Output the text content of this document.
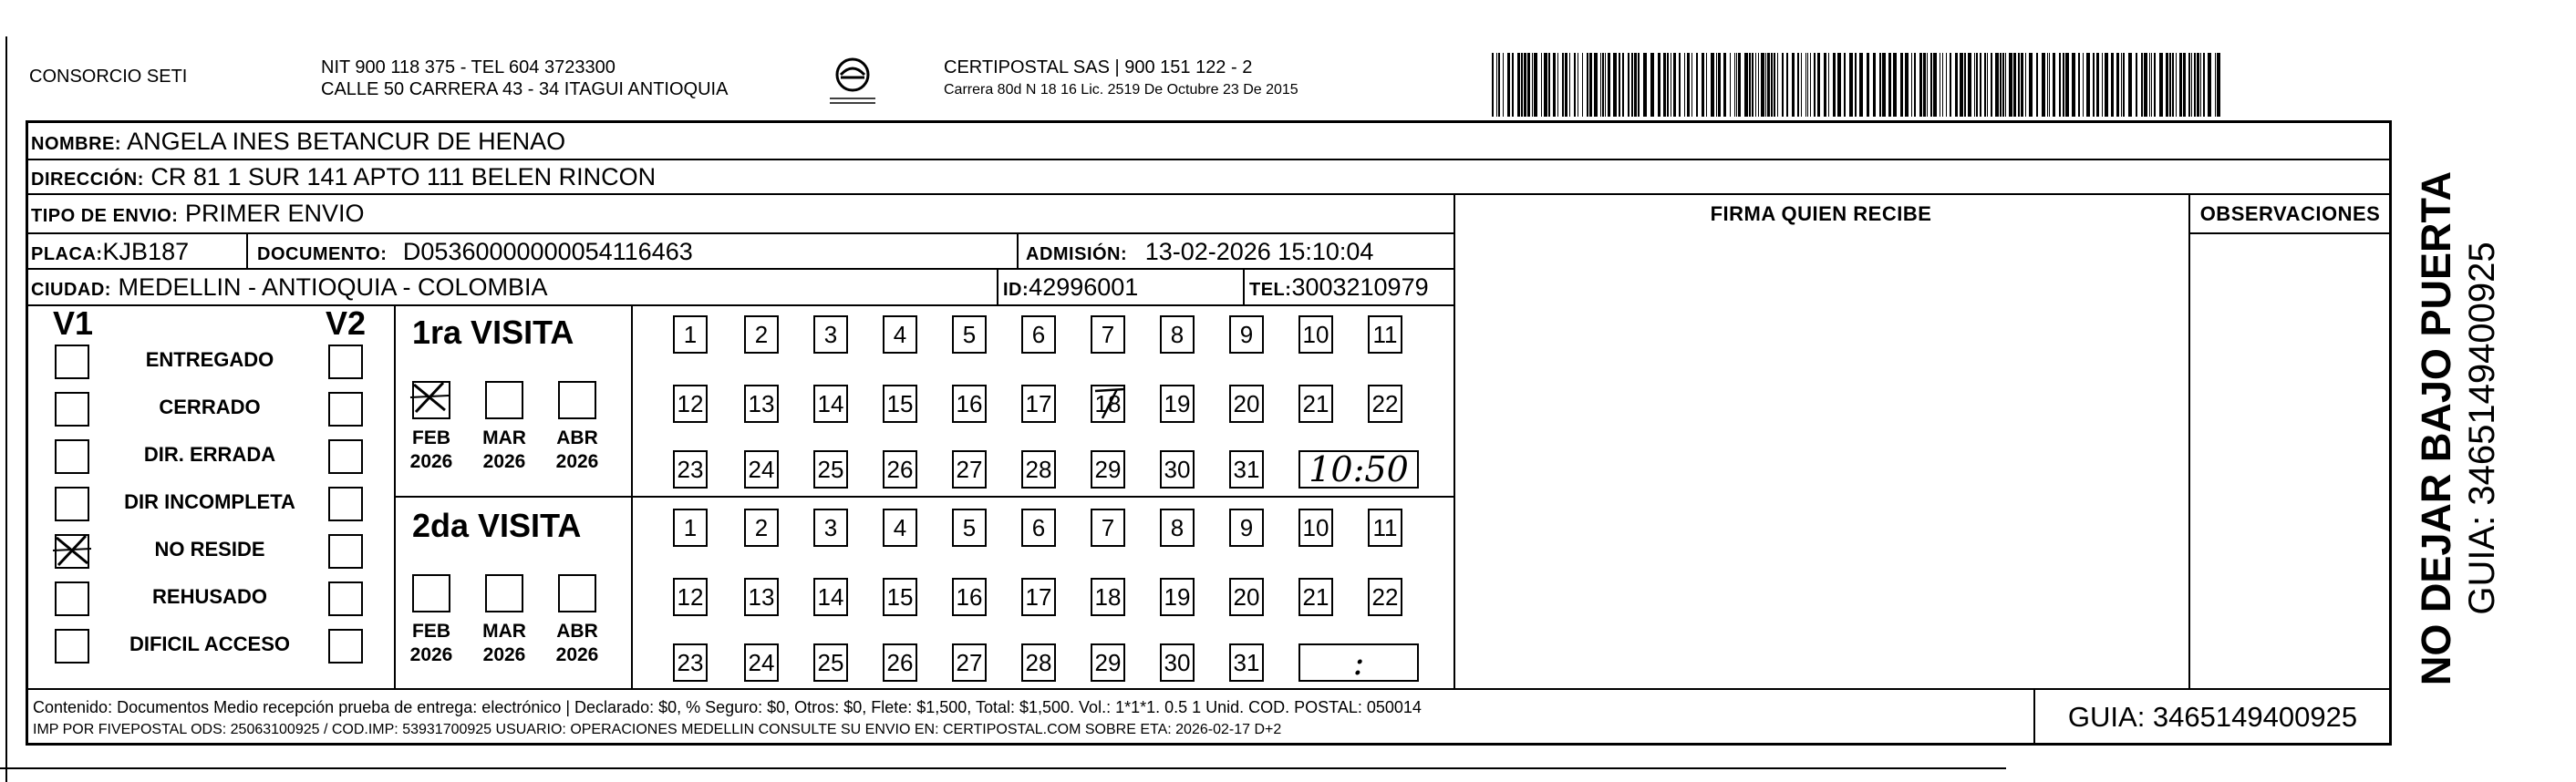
CONSORCIO SETI	NIT 900 118 375 - TEL 604 3723300
CALLE 50 CARRERA 43 - 34 ITAGUI ANTIOQUIA
CERTIPOSTAL SAS | 900 151 122 - 2
Carrera 80d N 18 16 Lic. 2519 De Octubre 23 De 2015
NOMBRE: ANGELA INES BETANCUR DE HENAO
DIRECCIÓN: CR 81 1 SUR 141 APTO 111 BELEN RINCON
TIPO DE ENVIO: PRIMER ENVIO	FIRMA QUIEN RECIBE	OBSERVACIONES
PLACA:KJB187	DOCUMENTO: D05360000000054116463	ADMISIÓN: 13-02-2026 15:10:04
CIUDAD: MEDELLIN - ANTIOQUIA - COLOMBIA	ID:42996001	TEL:3003210979
V1	V2
ENTREGADO
CERRADO
DIR. ERRADA
DIR INCOMPLETA
NO RESIDE
REHUSADO
DIFICIL ACCESO
1ra VISITA
2da VISITA
FEB
2026
MAR
2026
ABR
2026
1	2	3	4	5	6	7	8	9	10 11
12 13 14 15 16 17 18 19 20 21 22
23 24 25 26 27 28 29 30 31 10:50
FEB
2026
MAR
2026
ABR
2026
1	2	3	4	5	6	7	8	9	10 11
12 13 14 15 16 17 18 19 20 21 22
23 24 25 26 27 28 29 30 31	:
Contenido: Documentos Medio recepción prueba de entrega: electrónico | Declarado: $0, % Seguro: $0, Otros: $0, Flete: $1,500, Total: $1,500. Vol.: 1*1*1. 0.5 1 Unid. COD. POSTAL: 050014
IMP POR FIVEPOSTAL ODS: 25063100925 / COD.IMP: 53931700925 USUARIO: OPERACIONES MEDELLIN CONSULTE SU ENVIO EN: CERTIPOSTAL.COM SOBRE ETA: 2026-02-17 D+2	GUIA: 3465149400925
NO DEJAR BAJO PUERTA GUIA: 3465149400925
